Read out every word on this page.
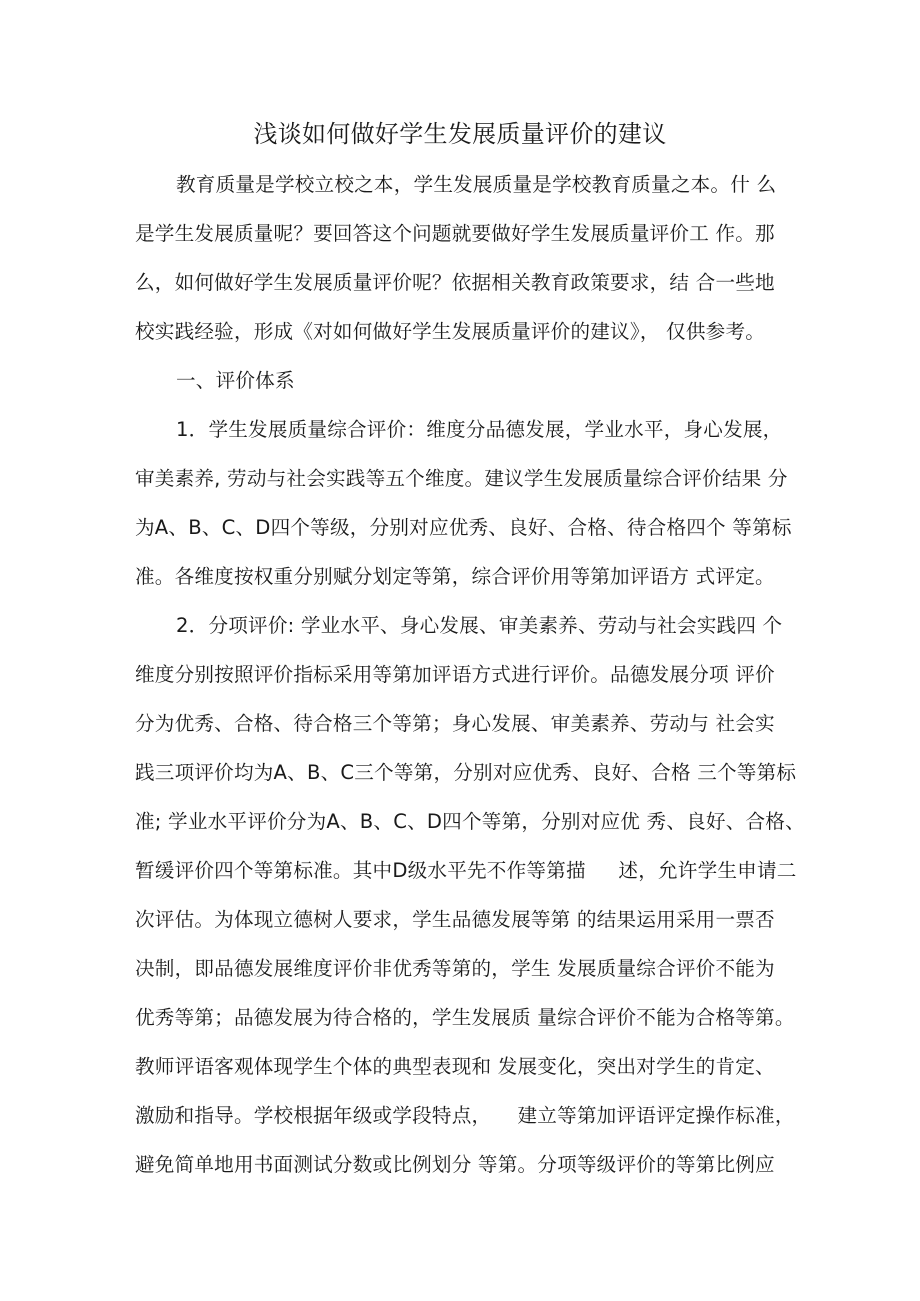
浅谈如何做好学生发展质量评价的建议
教育质量是学校立校之本，学生发展质量是学校教育质量之本。什 么
是学生发展质量呢？要回答这个问题就要做好学生发展质量评价工 作。那
么，如何做好学生发展质量评价呢？依据相关教育政策要求，结 合一些地
校实践经验，形成《对如何做好学生发展质量评价的建议》， 仅供参考。
一、评价体系
1．学生发展质量综合评价：维度分品德发展，学业水平，身心发展，
审美素养, 劳动与社会实践等五个维度。建议学生发展质量综合评价结果 分
为A、B、C、D四个等级，分别对应优秀、良好、合格、待合格四个 等第标
准。各维度按权重分别赋分划定等第，综合评价用等第加评语方 式评定。
2．分项评价: 学业水平、身心发展、审美素养、劳动与社会实践四 个
维度分别按照评价指标采用等第加评语方式进行评价。品德发展分项 评价
分为优秀、合格、待合格三个等第；身心发展、审美素养、劳动与 社会实
践三项评价均为A、B、C三个等第，分别对应优秀、良好、合格 三个等第标
准; 学业水平评价分为A、B、C、D四个等第，分别对应优 秀、良好、合格、
暂缓评价四个等第标准。其中D级水平先不作等第描 　 述，允许学生申请二
次评估。为体现立德树人要求，学生品德发展等第 的结果运用采用一票否
决制，即品德发展维度评价非优秀等第的，学生 发展质量综合评价不能为
优秀等第；品德发展为待合格的，学生发展质 量综合评价不能为合格等第。
教师评语客观体现学生个体的典型表现和 发展变化，突出对学生的肯定、
激励和指导。学校根据年级或学段特点， 　建立等第加评语评定操作标准，
避免简单地用书面测试分数或比例划分 等第。分项等级评价的等第比例应
